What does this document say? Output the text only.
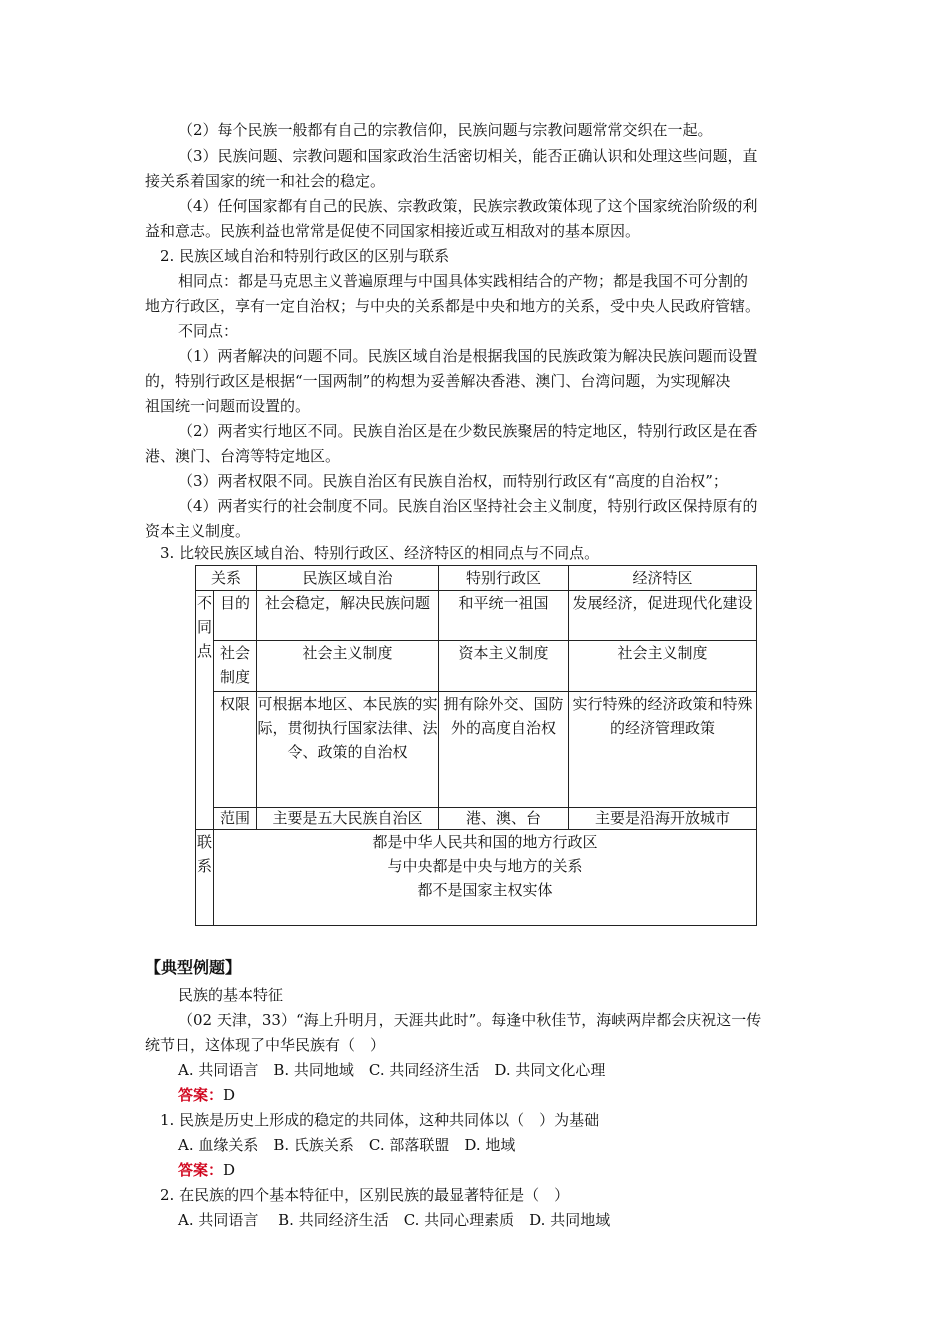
（2）每个民族一般都有自己的宗教信仰，民族问题与宗教问题常常交织在一起。
（3）民族问题、宗教问题和国家政治生活密切相关，能否正确认识和处理这些问题，直
接关系着国家的统一和社会的稳定。
（4）任何国家都有自己的民族、宗教政策，民族宗教政策体现了这个国家统治阶级的利
益和意志。民族利益也常常是促使不同国家相接近或互相敌对的基本原因。
2. 民族区域自治和特别行政区的区别与联系
相同点：都是马克思主义普遍原理与中国具体实践相结合的产物；都是我国不可分割的
地方行政区，享有一定自治权；与中央的关系都是中央和地方的关系，受中央人民政府管辖。
不同点：
（1）两者解决的问题不同。民族区域自治是根据我国的民族政策为解决民族问题而设置
的，特别行政区是根据“一国两制”的构想为妥善解决香港、澳门、台湾问题，为实现解决
祖国统一问题而设置的。
（2）两者实行地区不同。民族自治区是在少数民族聚居的特定地区，特别行政区是在香
港、澳门、台湾等特定地区。
（3）两者权限不同。民族自治区有民族自治权，而特别行政区有“高度的自治权”；
（4）两者实行的社会制度不同。民族自治区坚持社会主义制度，特别行政区保持原有的
资本主义制度。
3. 比较民族区域自治、特别行政区、经济特区的相同点与不同点。
关系		民族区域自治	特别行政区	经济特区
不同点	目的	社会稳定，解决民族问题	和平统一祖国	发展经济，促进现代化建设
	社会制度	社会主义制度	资本主义制度	社会主义制度
	权限	可根据本地区、本民族的实际，贯彻执行国家法律、法令、政策的自治权	拥有除外交、国防外的高度自治权	实行特殊的经济政策和特殊的经济管理政策
	范围	主要是五大民族自治区	港、澳、台	主要是沿海开放城市
联系	都是中华人民共和国的地方行政区
与中央都是中央与地方的关系
都不是国家主权实体			
【典型例题】
民族的基本特征
（02 天津，33）“海上升明月，天涯共此时”。每逢中秋佳节，海峡两岸都会庆祝这一传
统节日，这体现了中华民族有（　）
A. 共同语言　B. 共同地域　C. 共同经济生活　D. 共同文化心理
答案：D
1. 民族是历史上形成的稳定的共同体，这种共同体以（　）为基础
A. 血缘关系　B. 氏族关系　C. 部落联盟　D. 地域
答案：D
2. 在民族的四个基本特征中，区别民族的最显著特征是（　）
A. 共同语言　 B. 共同经济生活　C. 共同心理素质　D. 共同地域
